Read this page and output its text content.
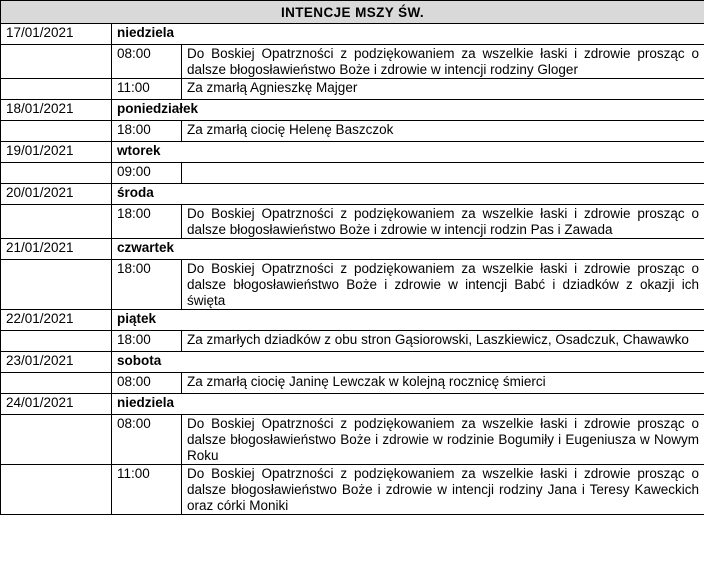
INTENCJE MSZY ŚW.		
17/01/2021	niedziela	
	08:00	Do Boskiej Opatrzności z podziękowaniem za wszelkie łaski i zdrowie prosząc o dalsze błogosławieństwo Boże i zdrowie w intencji rodziny Gloger
	11:00	Za zmarłą Agnieszkę Majger
18/01/2021	poniedziałek	
	18:00	Za zmarłą ciocię Helenę Baszczok
19/01/2021	wtorek	
	09:00	
20/01/2021	środa	
	18:00	Do Boskiej Opatrzności z podziękowaniem za wszelkie łaski i zdrowie prosząc o dalsze błogosławieństwo Boże i zdrowie w intencji rodzin Pas i Zawada
21/01/2021	czwartek	
	18:00	Do Boskiej Opatrzności z podziękowaniem za wszelkie łaski i zdrowie prosząc o dalsze błogosławieństwo Boże i zdrowie w intencji Babć i dziadków z okazji ich święta
22/01/2021	piątek	
	18:00	Za zmarłych dziadków z obu stron Gąsiorowski, Laszkiewicz, Osadczuk, Chawawko
23/01/2021	sobota	
	08:00	Za zmarłą ciocię Janinę Lewczak w kolejną rocznicę śmierci
24/01/2021	niedziela	
	08:00	Do Boskiej Opatrzności z podziękowaniem za wszelkie łaski i zdrowie prosząc o dalsze błogosławieństwo Boże i zdrowie w rodzinie Bogumiły i Eugeniusza w Nowym Roku
	11:00	Do Boskiej Opatrzności z podziękowaniem za wszelkie łaski i zdrowie prosząc o dalsze błogosławieństwo Boże i zdrowie w intencji rodziny Jana i Teresy Kaweckich oraz córki Moniki
